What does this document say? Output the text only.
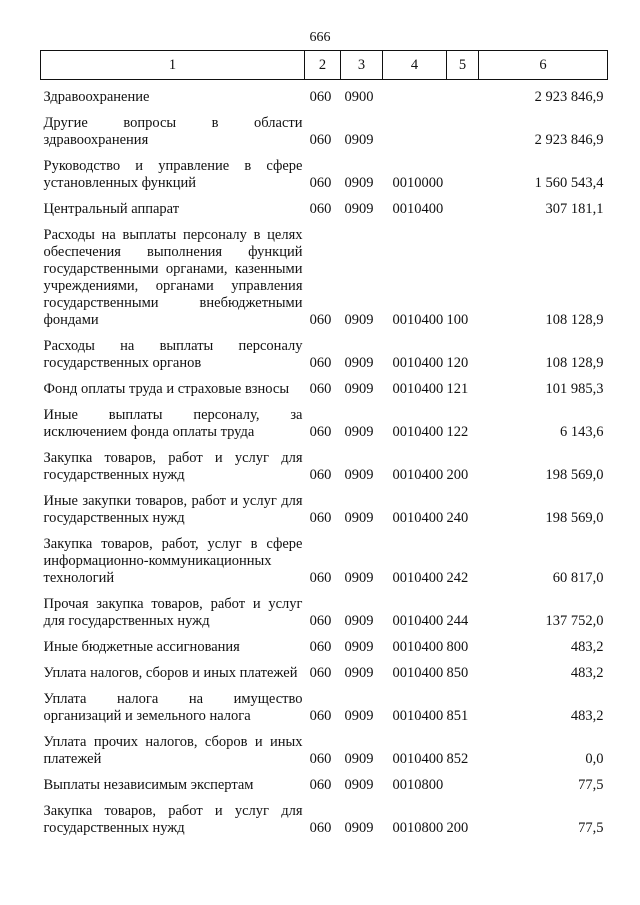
666
1	2	3	4	5	6
Здравоохранение	060	0900			2 923 846,9
Другие вопросы в области здравоохранения	060	0909			2 923 846,9
Руководство и управление в сфере установленных функций	060	0909	0010000		1 560 543,4
Центральный аппарат	060	0909	0010400		307 181,1
Расходы на выплаты персоналу в целях обеспечения выполнения функций государственными органами, казенными учреждениями, органами управления государственными внебюджетными фондами	060	0909	0010400	100	108 128,9
Расходы на выплаты персоналу государственных органов	060	0909	0010400	120	108 128,9
Фонд оплаты труда и страховые взносы	060	0909	0010400	121	101 985,3
Иные выплаты персоналу, за исключением фонда оплаты труда	060	0909	0010400	122	6 143,6
Закупка товаров, работ и услуг для государственных нужд	060	0909	0010400	200	198 569,0
Иные закупки товаров, работ и услуг для государственных нужд	060	0909	0010400	240	198 569,0
Закупка товаров, работ, услуг в сфере информационно-коммуникационных технологий	060	0909	0010400	242	60 817,0
Прочая закупка товаров, работ и услуг для государственных нужд	060	0909	0010400	244	137 752,0
Иные бюджетные ассигнования	060	0909	0010400	800	483,2
Уплата налогов, сборов и иных платежей	060	0909	0010400	850	483,2
Уплата налога на имущество организаций и земельного налога	060	0909	0010400	851	483,2
Уплата прочих налогов, сборов и иных платежей	060	0909	0010400	852	0,0
Выплаты независимым экспертам	060	0909	0010800		77,5
Закупка товаров, работ и услуг для государственных нужд	060	0909	0010800	200	77,5
